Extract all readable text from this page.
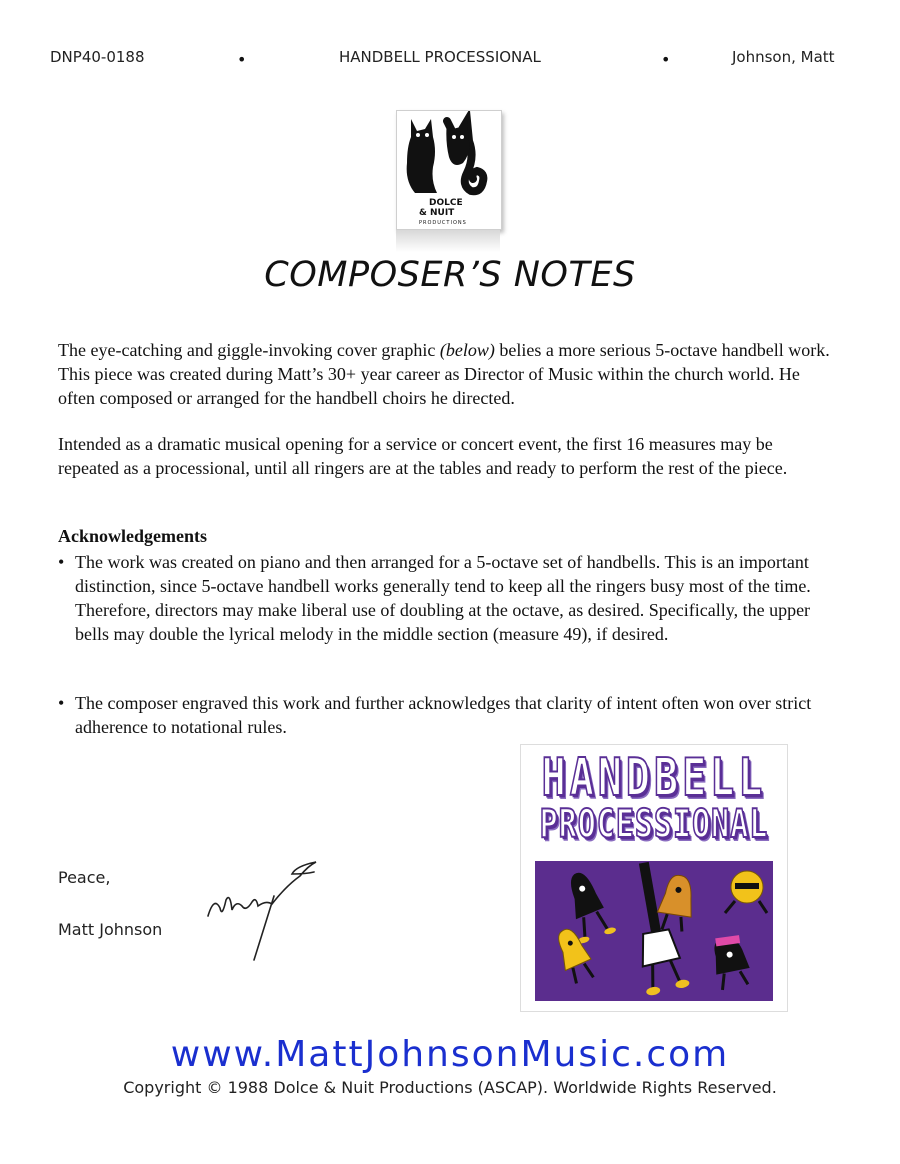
DNP40-0188	•	HANDBELL PROCESSIONAL	•	Johnson, Matt
DOLCE
& NUIT
PRODUCTIONS
COMPOSER’S NOTES
The eye-catching and giggle-invoking cover graphic (below) belies a more serious 5-octave handbell work. This piece was created during Matt’s 30+ year career as Director of Music within the church world. He often composed or arranged for the handbell choirs he directed.
Intended as a dramatic musical opening for a service or concert event, the first 16 measures may be repeated as a processional, until all ringers are at the tables and ready to perform the rest of the piece.
Acknowledgements
• The work was created on piano and then arranged for a 5-octave set of handbells. This is an important distinction, since 5-octave handbell works generally tend to keep all the ringers busy most of the time. Therefore, directors may make liberal use of doubling at the octave, as desired. Specifically, the upper bells may double the lyrical melody in the middle section (measure 49), if desired.
• The composer engraved this work and further acknowledges that clarity of intent often won over strict adherence to notational rules.
Peace,
Matt Johnson
HANDBELL
PROCESSIONAL
www.MattJohnsonMusic.com
Copyright © 1988 Dolce & Nuit Productions (ASCAP). Worldwide Rights Reserved.
